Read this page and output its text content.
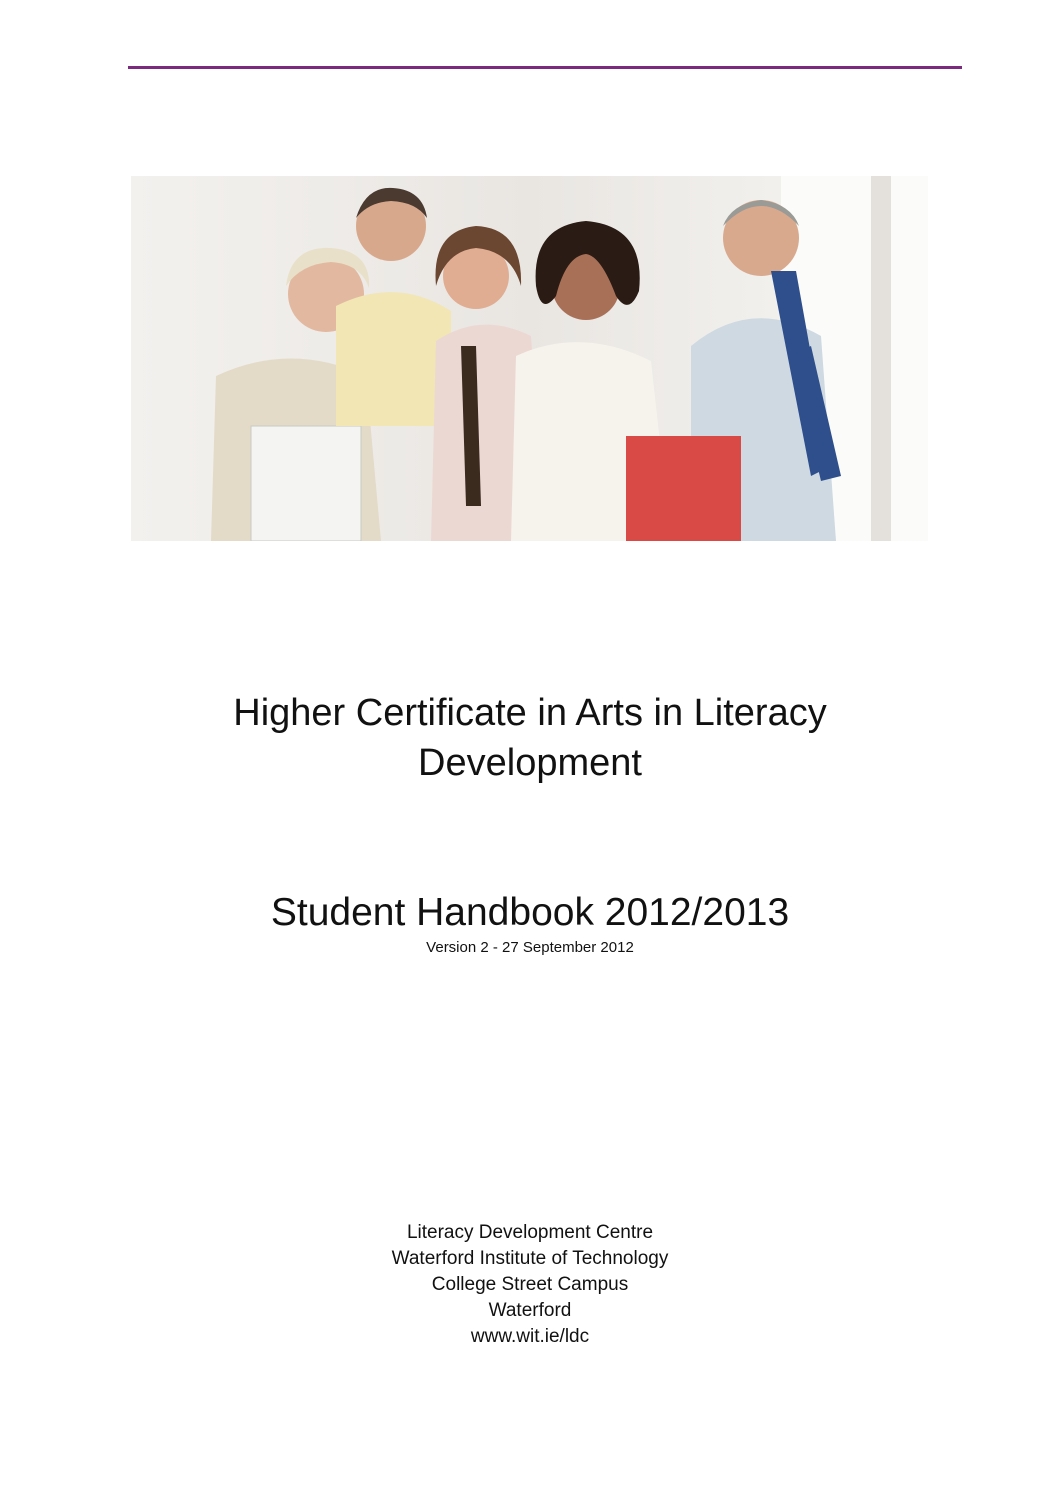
Higher Certificate in Arts in Literacy
Development
Student Handbook 2012/2013
Version 2 - 27 September 2012
Literacy Development Centre
Waterford Institute of Technology
College Street Campus
Waterford
www.wit.ie/ldc
